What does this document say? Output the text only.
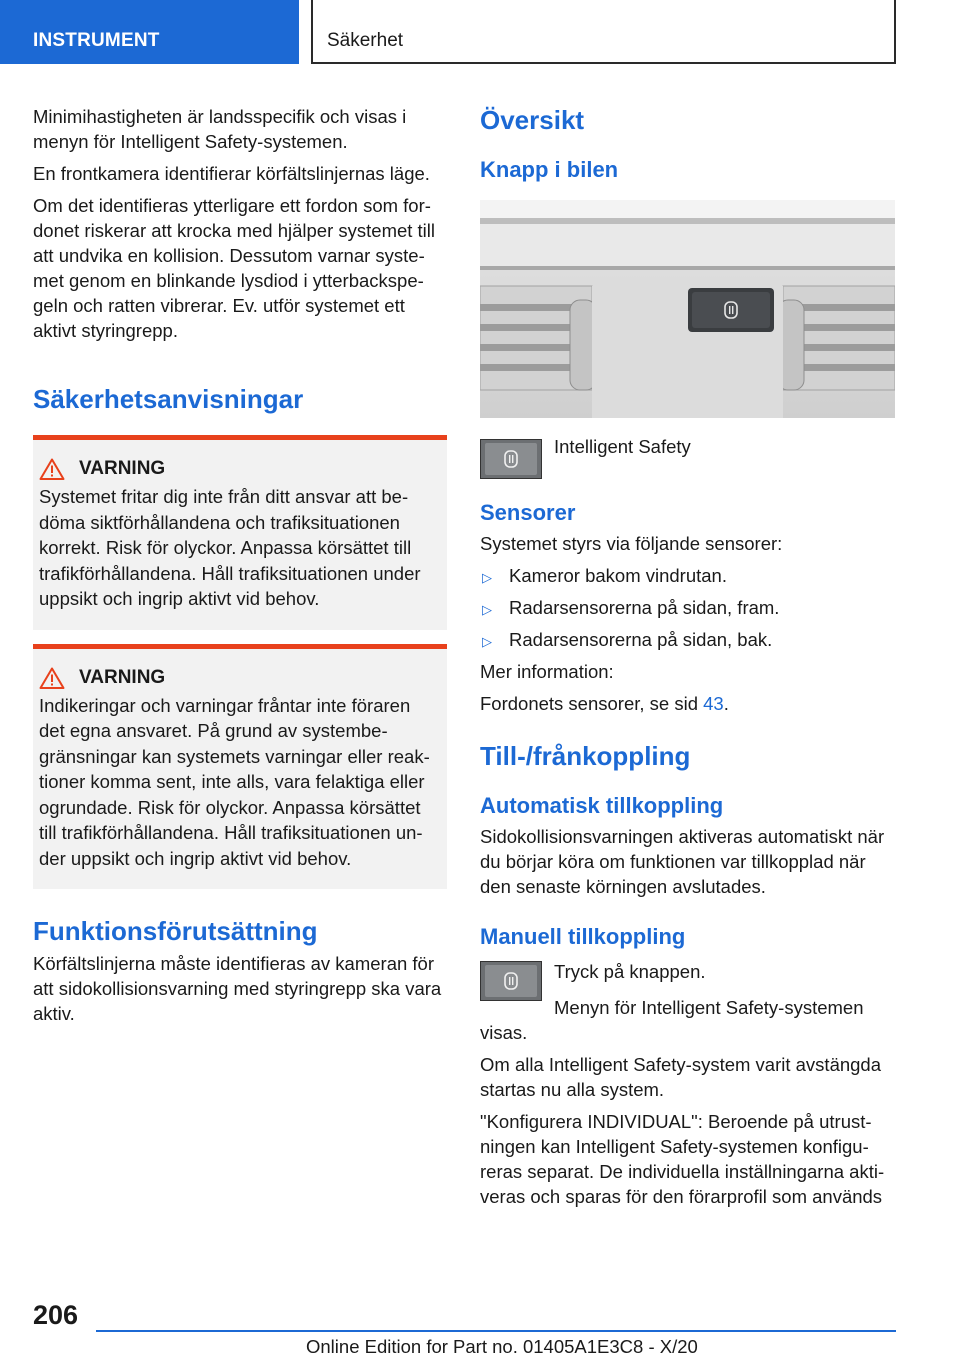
INSTRUMENT	Säkerhet

Minimihastigheten är landsspecifik och visas i menyn för Intelligent Safety-systemen.

En frontkamera identifierar körfältslinjernas läge.

Om det identifieras ytterligare ett fordon som fordonet riskerar att krocka med hjälper systemet till att undvika en kollision. Dessutom varnar systemet genom en blinkande lysdiod i ytterbackspegeln och ratten vibrerar. Ev. utför systemet ett aktivt styringrepp.

Säkerhetsanvisningar
VARNING

Systemet fritar dig inte från ditt ansvar att bedöma siktförhållandena och trafiksituationen korrekt. Risk för olyckor. Anpassa körsättet till trafikförhållandena. Håll trafiksituationen under uppsikt och ingrip aktivt vid behov.

VARNING

Indikeringar och varningar fråntar inte föraren det egna ansvaret. På grund av systembegränsningar kan systemets varningar eller reaktioner komma sent, inte alls, vara felaktiga eller ogrundade. Risk för olyckor. Anpassa körsättet till trafikförhållandena. Håll trafiksituationen under uppsikt och ingrip aktivt vid behov.

Funktionsförutsättning

Körfältslinjerna måste identifieras av kameran för att sidokollisionsvarning med styringrepp ska vara aktiv.

Översikt
Knapp i bilen

Intelligent Safety

Sensorer

Systemet styrs via följande sensorer:

▷ Kameror bakom vindrutan.
▷ Radarsensorerna på sidan, fram.
▷ Radarsensorerna på sidan, bak.

Mer information:

Fordonets sensorer, se sid 43.

Till-/frånkoppling
Automatisk tillkoppling

Sidokollisionsvarningen aktiveras automatiskt när du börjar köra om funktionen var tillkopplad när den senaste körningen avslutades.

Manuell tillkoppling

Tryck på knappen.

Menyn för Intelligent Safety-systemen visas.

Om alla Intelligent Safety-system varit avstängda startas nu alla system.

"Konfigurera INDIVIDUAL": Beroende på utrustningen kan Intelligent Safety-systemen konfigureras separat. De individuella inställningarna aktiveras och sparas för den förarprofil som används

206
Online Edition for Part no. 01405A1E3C8 - X/20
